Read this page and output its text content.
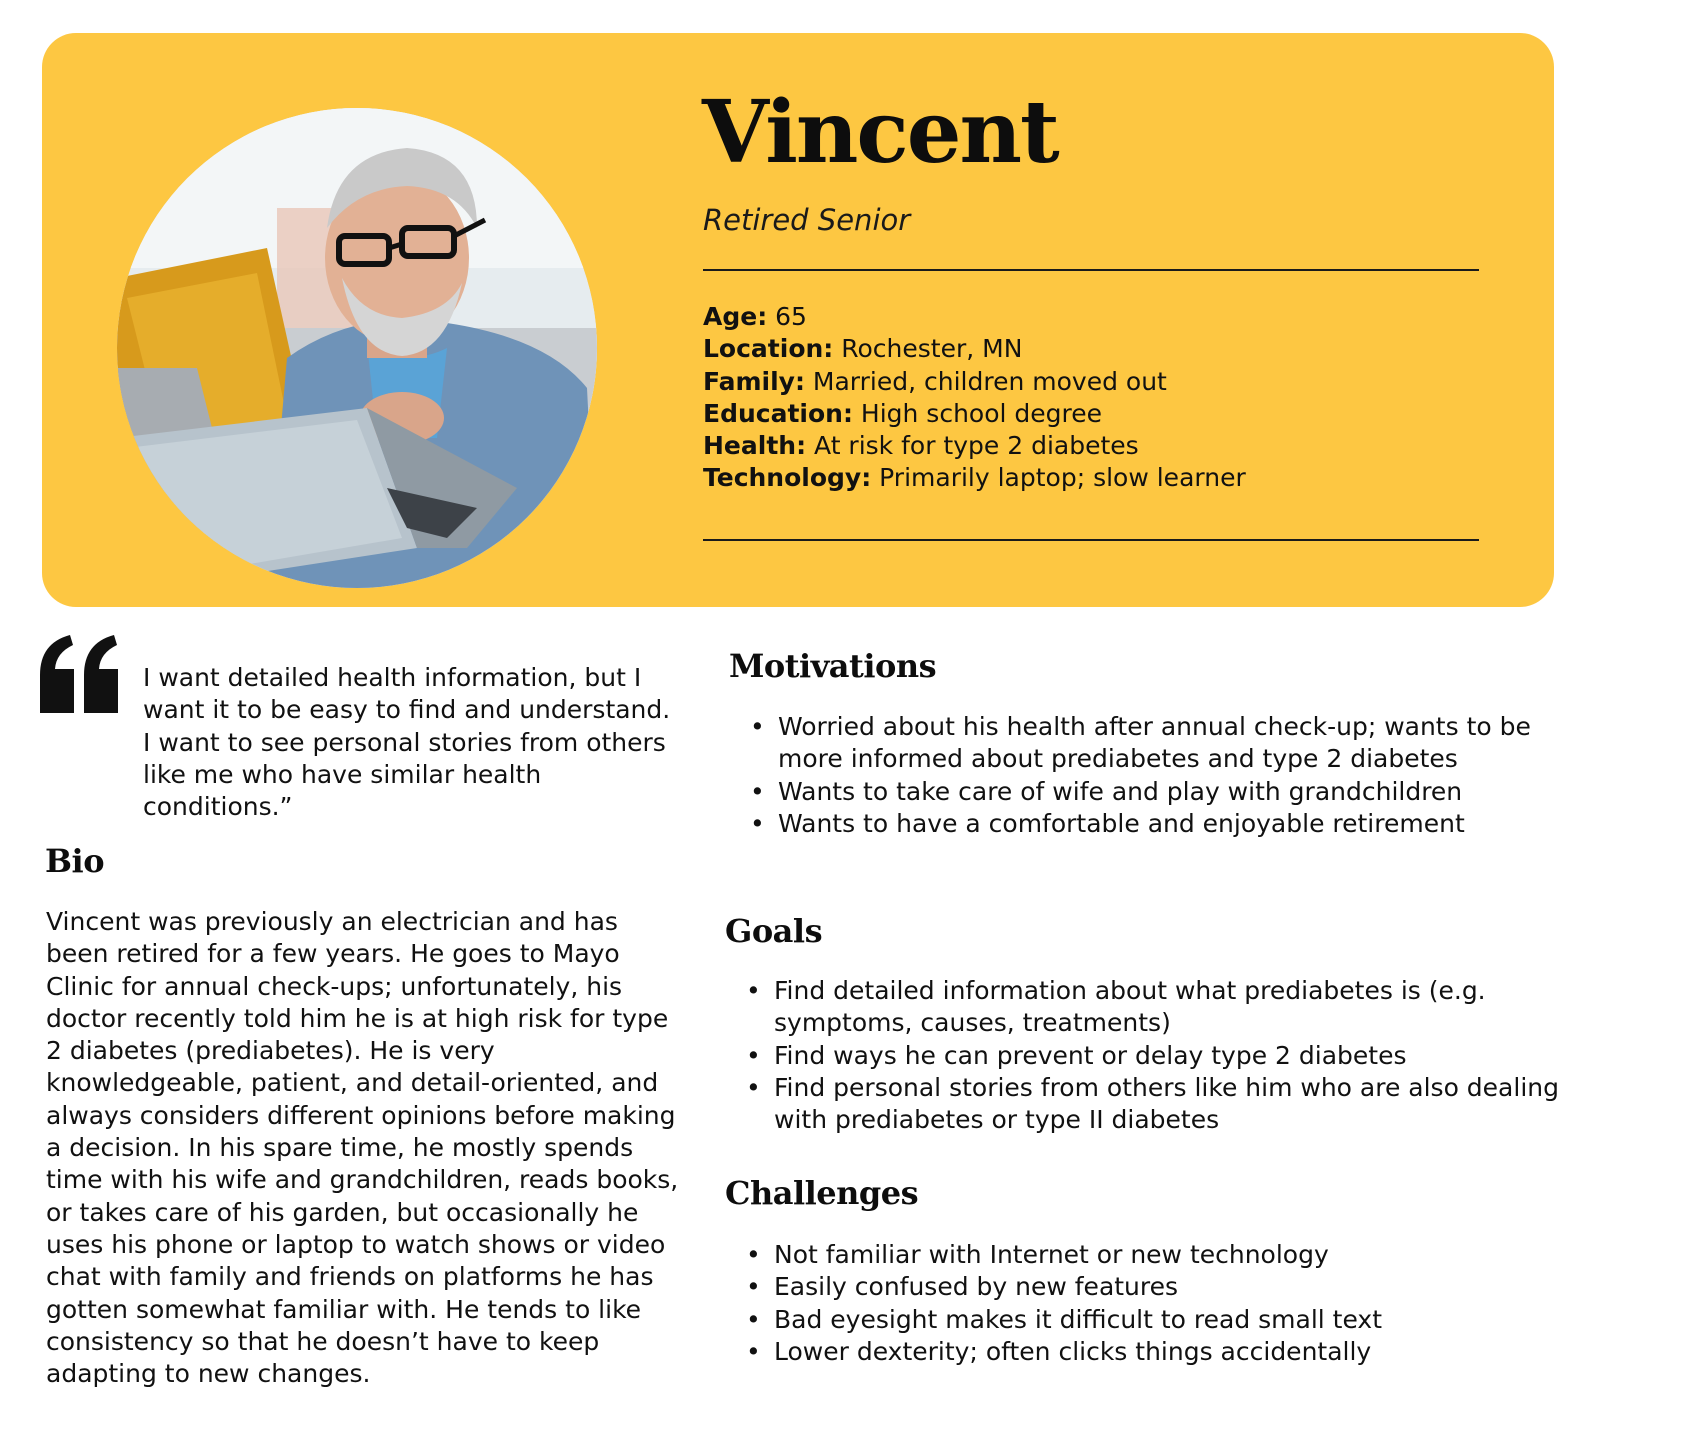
Vincent
Retired Senior
Age: 65
Location: Rochester, MN
Family: Married, children moved out
Education: High school degree
Health: At risk for type 2 diabetes
Technology: Primarily laptop; slow learner

I want detailed health information, but I want it to be easy to find and understand. I want to see personal stories from others like me who have similar health conditions.”

Bio

Vincent was previously an electrician and has been retired for a few years. He goes to Mayo Clinic for annual check-ups; unfortunately, his doctor recently told him he is at high risk for type 2 diabetes (prediabetes). He is very knowledgeable, patient, and detail-oriented, and always considers different opinions before making a decision. In his spare time, he mostly spends time with his wife and grandchildren, reads books, or takes care of his garden, but occasionally he uses his phone or laptop to watch shows or video chat with family and friends on platforms he has gotten somewhat familiar with. He tends to like consistency so that he doesn’t have to keep adapting to new changes.

Motivations
• Worried about his health after annual check-up; wants to be more informed about prediabetes and type 2 diabetes
• Wants to take care of wife and play with grandchildren
• Wants to have a comfortable and enjoyable retirement
Goals
• Find detailed information about what prediabetes is (e.g. symptoms, causes, treatments)
• Find ways he can prevent or delay type 2 diabetes
• Find personal stories from others like him who are also dealing with prediabetes or type II diabetes
Challenges
• Not familiar with Internet or new technology
• Easily confused by new features
• Bad eyesight makes it difficult to read small text
• Lower dexterity; often clicks things accidentally
